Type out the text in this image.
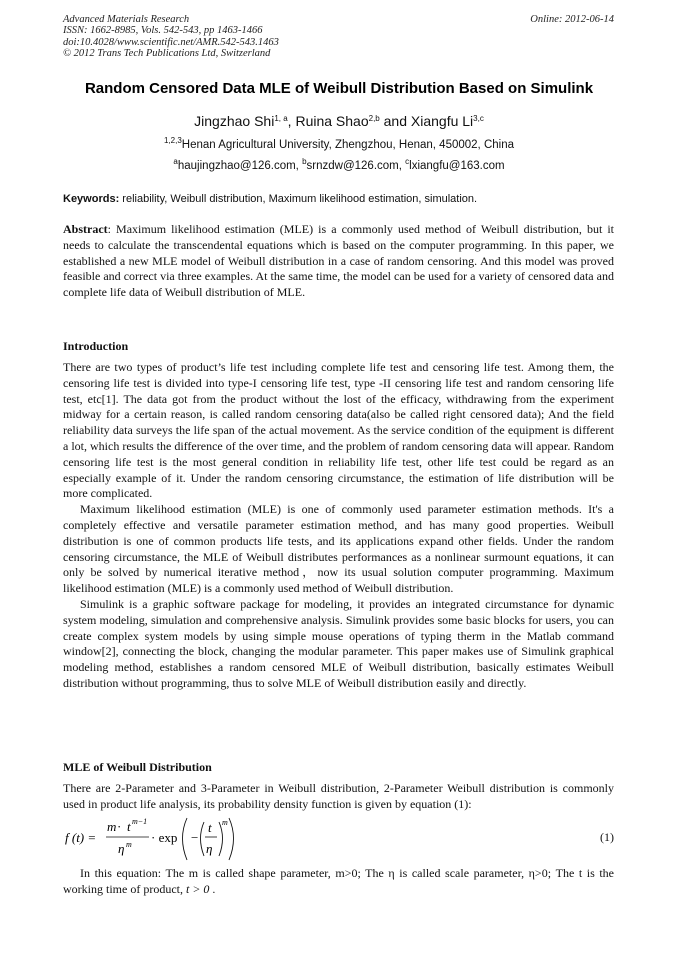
Advanced Materials Research
ISSN: 1662-8985, Vols. 542-543, pp 1463-1466
doi:10.4028/www.scientific.net/AMR.542-543.1463
© 2012 Trans Tech Publications Ltd, Switzerland
Online: 2012-06-14
Random Censored Data MLE of Weibull Distribution Based on Simulink
Jingzhao Shi$^{1, a}$, Ruina Shao$^{2,b}$ and Xiangfu Li$^{3,c}$
$^{1,2,3}$Henan Agricultural University, Zhengzhou, Henan, 450002, China
$^a$haujingzhao@126.com, $^b$srnzdw@126.com, $^c$lxiangfu@163.com
Keywords: reliability, Weibull distribution, Maximum likelihood estimation, simulation.
Abstract: Maximum likelihood estimation (MLE) is a commonly used method of Weibull distribution, but it needs to calculate the transcendental equations which is based on the computer programming. In this paper, we established a new MLE model of Weibull distribution in a case of random censoring. And this model was proved feasible and correct via three examples. At the same time, the model can be used for a variety of censored data and complete life data of Weibull distribution of MLE.
Introduction

There are two types of product’s life test including complete life test and censoring life test. Among them, the censoring life test is divided into type-I censoring life test, type -II censoring life test and random censoring life test, etc[1]. The data got from the product without the lost of the efficacy, withdrawing from the experiment midway for a certain reason, is called random censoring data(also be called right censored data); And the field reliability data surveys the life span of the actual movement. As the service condition of the equipment is different a lot, which results the difference of the over time, and the problem of random censoring data will appear. Random censoring life test is the most general condition in reliability life test, other life test could be regard as an especially example of it. Under the random censoring circumstance, the estimation of life distribution will be more complicated.

Maximum likelihood estimation (MLE) is one of commonly used parameter estimation methods. It's a completely effective and versatile parameter estimation method, and has many good properties. Weibull distribution is one of common products life tests, and its applications expand other fields. Under the random censoring circumstance, the MLE of Weibull distributes performances as a nonlinear surmount equations, it can only be solved by numerical iterative method，now its usual solution computer programming. Maximum likelihood estimation (MLE) is a commonly used method of Weibull distribution.

Simulink is a graphic software package for modeling, it provides an integrated circumstance for dynamic system modeling, simulation and comprehensive analysis. Simulink provides some basic blocks for users, you can create complex system models by using simple mouse operations of typing therm in the Matlab command window[2], connecting the block, changing the modular parameter. This paper makes use of Simulink graphical modeling method, establishes a random censored MLE of Weibull distribution, basically estimates Weibull distribution without programming, thus to solve MLE of Weibull distribution easily and directly.

MLE of Weibull Distribution

There are 2-Parameter and 3-Parameter in Weibull distribution, 2-Parameter Weibull distribution is commonly used in product life analysis, its probability density function is given by equation (1):

f (t) =
m · t m−1
η m · exp −
t
η
m
(1)

In this equation: The m is called shape parameter, m>0; The η is called scale parameter, η>0; The t is the working time of product, t > 0 .
